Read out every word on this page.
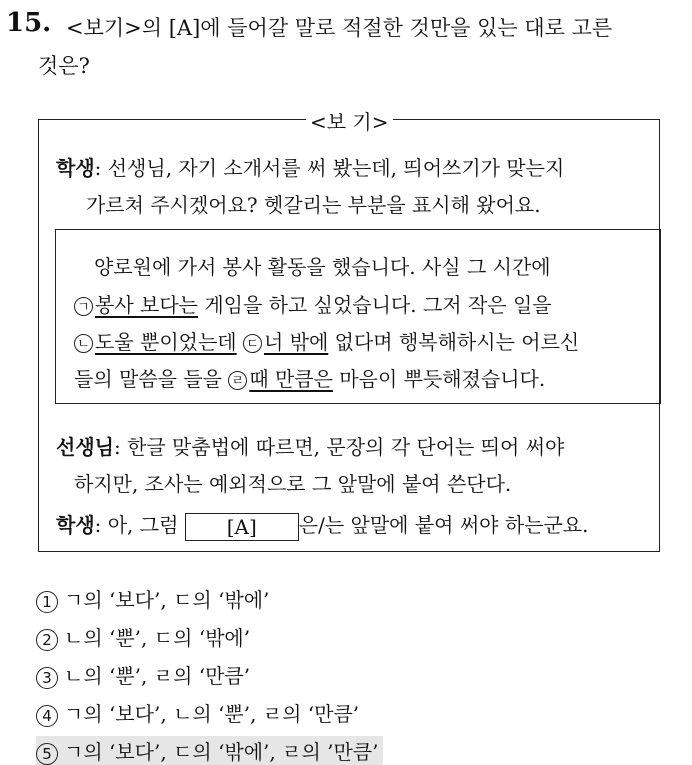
15. <보기>의 [A]에 들어갈 말로 적절한 것만을 있는 대로 고른
것은?
<보 기>
학생: 선생님, 자기 소개서를 써 봤는데, 띄어쓰기가 맞는지
가르쳐 주시겠어요? 헷갈리는 부분을 표시해 왔어요.
양로원에 가서 봉사 활동을 했습니다. 사실 그 시간에
ㄱ 봉사 보다는 게임을 하고 싶었습니다. 그저 작은 일을
ㄴ 도울 뿐이었는데 ㄷ 너 밖에 없다며 행복해하시는 어르신
들의 말씀을 들을 ㄹ 때 만큼은 마음이 뿌듯해졌습니다.
선생님: 한글 맞춤법에 따르면, 문장의 각 단어는 띄어 써야
하지만, 조사는 예외적으로 그 앞말에 붙여 쓴단다.
학생: 아, 그럼 [A] 은/는 앞말에 붙여 써야 하는군요.
1 ㄱ의 ‘보다’, ㄷ의 ‘밖에’
2 ㄴ의 ‘뿐’, ㄷ의 ‘밖에’
3 ㄴ의 ‘뿐’, ㄹ의 ‘만큼’
4 ㄱ의 ‘보다’, ㄴ의 ‘뿐’, ㄹ의 ‘만큼’
5 ㄱ의 ‘보다’, ㄷ의 ‘밖에’, ㄹ의 ’만큼’
